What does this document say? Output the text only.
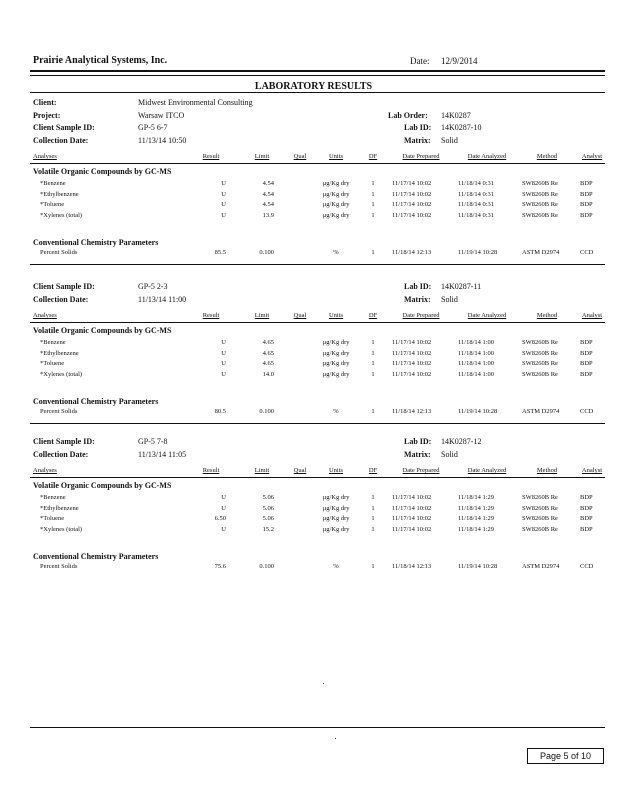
Prairie Analytical Systems, Inc.	Date: 12/9/2014
LABORATORY RESULTS
Client:	Midwest Environmental Consulting
Project:	Warsaw ITCO
Client Sample ID:	GP-5 6-7
Lab Order: 14K0287
Lab ID: 14K0287-10
Collection Date:	11/13/14 10:50	Matrix: Solid
Analyses	Result	Limit	Qual	Units	DF	Date Prepared	Date Analyzed	Method	Analyst
Volatile Organic Compounds by GC-MS
*Benzene	U	4.54	µg/Kg dry	1	11/17/14 10:02	11/18/14 0:31	SW8260B Re	BDP
*Ethylbenzene	U	4.54	µg/Kg dry	1	11/17/14 10:02	11/18/14 0:31	SW8260B Re	BDP
*Toluene	U	4.54	µg/Kg dry	1	11/17/14 10:02	11/18/14 0:31	SW8260B Re	BDP
*Xylenes (total)	U	13.9	µg/Kg dry	1	11/17/14 10:02	11/18/14 0:31	SW8260B Re	BDP
Conventional Chemistry Parameters
Percent Solids	85.5	0.100	%	1	11/18/14 12:13	11/19/14 10:28	ASTM D2974	CCD
Client Sample ID:	GP-5 2-3	Lab ID: 14K0287-11
Collection Date:	11/13/14 11:00	Matrix: Solid
Analyses	Result	Limit	Qual	Units	DF	Date Prepared	Date Analyzed	Method	Analyst
Volatile Organic Compounds by GC-MS
*Benzene	U	4.65	µg/Kg dry	1	11/17/14 10:02	11/18/14 1:00	SW8260B Re	BDP
*Ethylbenzene	U	4.65	µg/Kg dry	1	11/17/14 10:02	11/18/14 1:00	SW8260B Re	BDP
*Toluene	U	4.65	µg/Kg dry	1	11/17/14 10:02	11/18/14 1:00	SW8260B Re	BDP
*Xylenes (total)	U	14.0	µg/Kg dry	1	11/17/14 10:02	11/18/14 1:00	SW8260B Re	BDP
Conventional Chemistry Parameters
Percent Solids	80.5	0.100	%	1	11/18/14 12:13	11/19/14 10:28	ASTM D2974	CCD
Client Sample ID:	GP-5 7-8	Lab ID: 14K0287-12
Collection Date:	11/13/14 11:05	Matrix: Solid
Analyses	Result	Limit	Qual	Units	DF	Date Prepared	Date Analyzed	Method	Analyst
Volatile Organic Compounds by GC-MS
*Benzene	U	5.06	µg/Kg dry	1	11/17/14 10:02	11/18/14 1:29	SW8260B Re	BDP
*Ethylbenzene	U	5.06	µg/Kg dry	1	11/17/14 10:02	11/18/14 1:29	SW8260B Re	BDP
*Toluene	6.50	5.06	µg/Kg dry	1	11/17/14 10:02	11/18/14 1:29	SW8260B Re	BDP
*Xylenes (total)	U	15.2	µg/Kg dry	1	11/17/14 10:02	11/18/14 1:29	SW8260B Re	BDP
Conventional Chemistry Parameters
Percent Solids	75.6	0.100	%	1	11/18/14 12:13	11/19/14 10:28	ASTM D2974	CCD
Page 5 of 10
